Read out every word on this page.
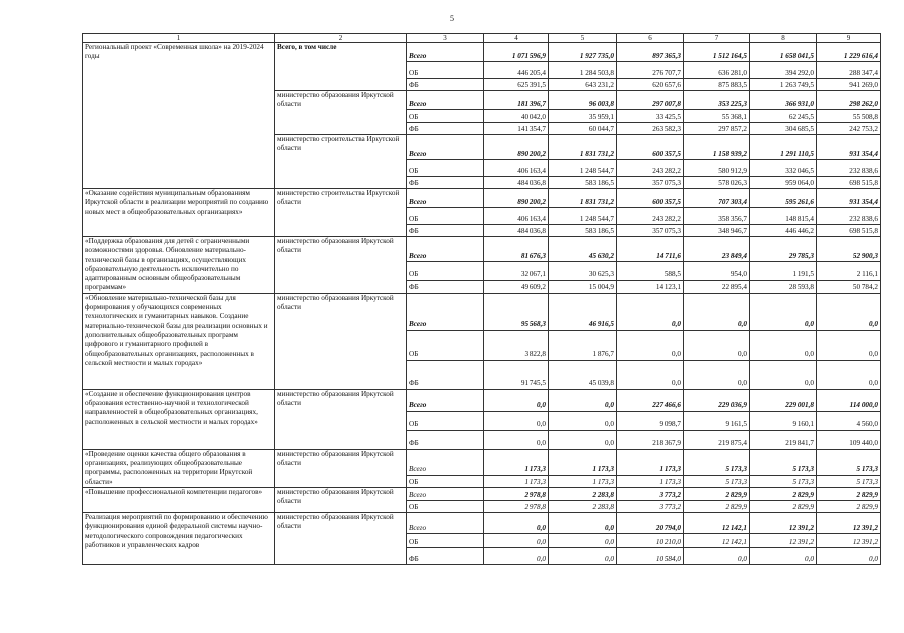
5
1	2	3	4	5	6	7	8	9
Региональный проект «Современная школа» на 2019-2024 годы	Всего, в том числе	Всего	1 071 596,9	1 927 735,0	897 365,3	1 512 164,5	1 658 041,5	1 229 616,4
		ОБ	446 205,4	1 284 503,8	276 707,7	636 281,0	394 292,0	288 347,4
		ФБ	625 391,5	643 231,2	620 657,6	875 883,5	1 263 749,5	941 269,0
	министерство образования Иркутской области	Всего	181 396,7	96 003,8	297 007,8	353 225,3	366 931,0	298 262,0
		ОБ	40 042,0	35 959,1	33 425,5	55 368,1	62 245,5	55 508,8
		ФБ	141 354,7	60 044,7	263 582,3	297 857,2	304 685,5	242 753,2
	министерство строительства Иркутской области	Всего	890 200,2	1 831 731,2	600 357,5	1 158 939,2	1 291 110,5	931 354,4
		ОБ	406 163,4	1 248 544,7	243 282,2	580 912,9	332 046,5	232 838,6
		ФБ	484 036,8	583 186,5	357 075,3	578 026,3	959 064,0	698 515,8
«Оказание содействия муниципальным образованиям Иркутской области в реализации мероприятий по созданию новых мест в общеобразовательных организациях»	министерство строительства Иркутской области	Всего	890 200,2	1 831 731,2	600 357,5	707 303,4	595 261,6	931 354,4
		ОБ	406 163,4	1 248 544,7	243 282,2	358 356,7	148 815,4	232 838,6
		ФБ	484 036,8	583 186,5	357 075,3	348 946,7	446 446,2	698 515,8
«Поддержка образования для детей с ограниченными возможностями здоровья. Обновление материально-технической базы в организациях, осуществляющих образовательную деятельность исключительно по адаптированным основным общеобразовательным программам»	министерство образования Иркутской области	Всего	81 676,3	45 630,2	14 711,6	23 849,4	29 785,3	52 900,3
		ОБ	32 067,1	30 625,3	588,5	954,0	1 191,5	2 116,1
		ФБ	49 609,2	15 004,9	14 123,1	22 895,4	28 593,8	50 784,2
«Обновление материально-технической базы для формирования у обучающихся современных технологических и гуманитарных навыков. Создание материально-технической базы для реализации основных и дополнительных общеобразовательных программ цифрового и гуманитарного профилей в общеобразовательных организациях, расположенных в сельской местности и малых городах»	министерство образования Иркутской области	Всего	95 568,3	46 916,5	0,0	0,0	0,0	0,0
		ОБ	3 822,8	1 876,7	0,0	0,0	0,0	0,0
		ФБ	91 745,5	45 039,8	0,0	0,0	0,0	0,0
«Создание и обеспечение функционирования центров образования естественно-научной и технологической направленностей в общеобразовательных организациях, расположенных в сельской местности и малых городах»	министерство образования Иркутской области	Всего	0,0	0,0	227 466,6	229 036,9	229 001,8	114 000,0
		ОБ	0,0	0,0	9 098,7	9 161,5	9 160,1	4 560,0
		ФБ	0,0	0,0	218 367,9	219 875,4	219 841,7	109 440,0
«Проведение оценки качества общего образования в организациях, реализующих общеобразовательные программы, расположенных на территории Иркутской области»	министерство образования Иркутской области	Всего	1 173,3	1 173,3	1 173,3	5 173,3	5 173,3	5 173,3
		ОБ	1 173,3	1 173,3	1 173,3	5 173,3	5 173,3	5 173,3
«Повышение профессиональной компетенции педагогов»	министерство образования Иркутской области	Всего	2 978,8	2 283,8	3 773,2	2 829,9	2 829,9	2 829,9
		ОБ	2 978,8	2 283,8	3 773,2	2 829,9	2 829,9	2 829,9
Реализация мероприятий по формированию и обеспечению функционирования единой федеральной системы научно-методологического сопровождения педагогических работников и управленческих кадров	министерство образования Иркутской области	Всего	0,0	0,0	20 794,0	12 142,1	12 391,2	12 391,2
		ОБ	0,0	0,0	10 210,0	12 142,1	12 391,2	12 391,2
		ФБ	0,0	0,0	10 584,0	0,0	0,0	0,0
